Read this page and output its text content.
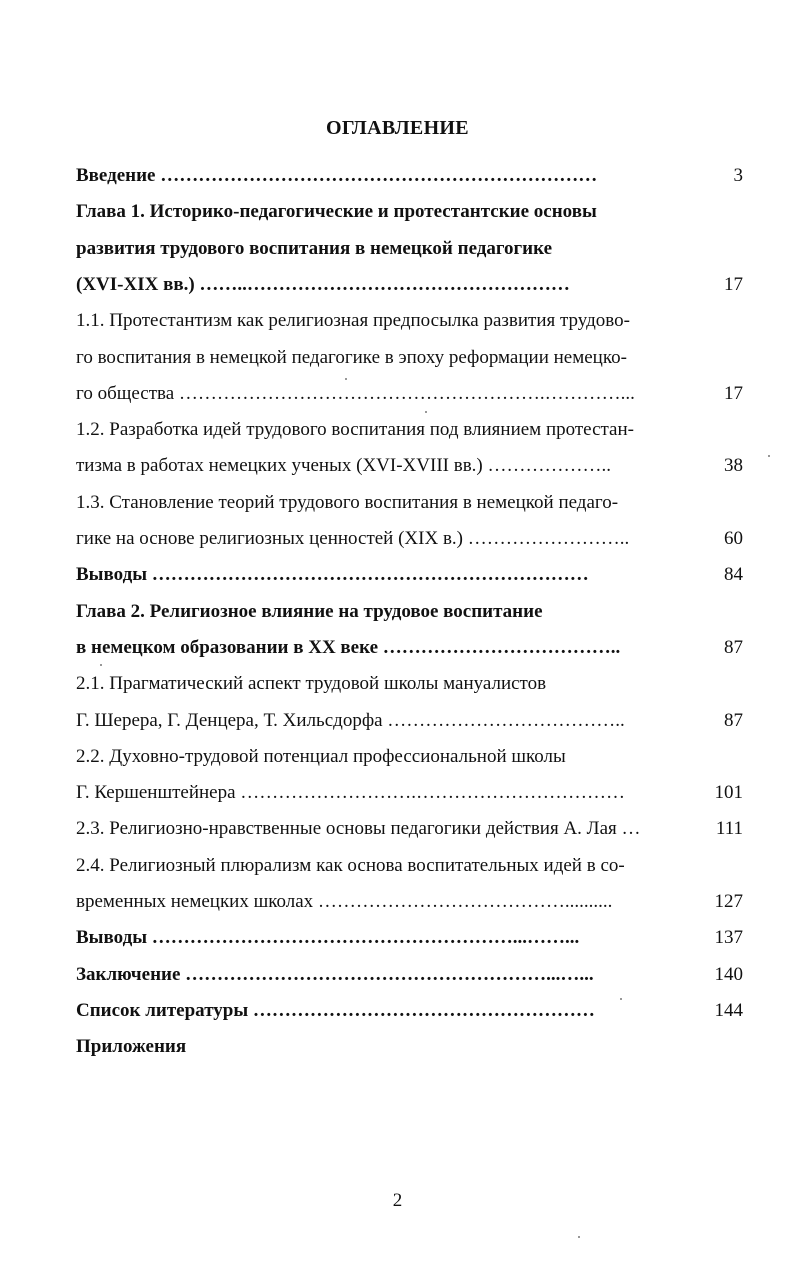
ОГЛАВЛЕНИЕ
Введение ……………………………………………………………	3
Глава 1. Историко-педагогические и протестантские основы
развития трудового воспитания в немецкой педагогике
(XVI-XIX вв.) ……..……………………………………………	17
1.1. Протестантизм как религиозная предпосылка развития трудово-
го воспитания в немецкой педагогике в эпоху реформации немецко-
го общества ………………………………………………….…………...	17
1.2. Разработка идей трудового воспитания под влиянием протестан-
тизма в работах немецких ученых (XVI-XVIII вв.) ………………..	38
1.3. Становление теорий трудового воспитания в немецкой педаго-
гике на основе религиозных ценностей (XIX в.) ……………………..	60
Выводы ……………………………………………………………	84
Глава 2. Религиозное влияние на трудовое воспитание
в немецком образовании в XX веке ………………………………..	87
2.1. Прагматический аспект трудовой школы мануалистов
Г. Шерера, Г. Денцера, Т. Хильсдорфа ………………………………..	87
2.2. Духовно-трудовой потенциал профессиональной школы
Г. Кершенштейнера ……………………….……………………………	101
2.3. Религиозно-нравственные основы педагогики действия А. Лая …	111
2.4. Религиозный плюрализм как основа воспитательных идей в со-
временных немецких школах …………………………………..........	127
Выводы …………………………………………………...……...	137
Заключение …………………………………………………...…...	140
Список литературы ………………………………………………	144
Приложения
2
